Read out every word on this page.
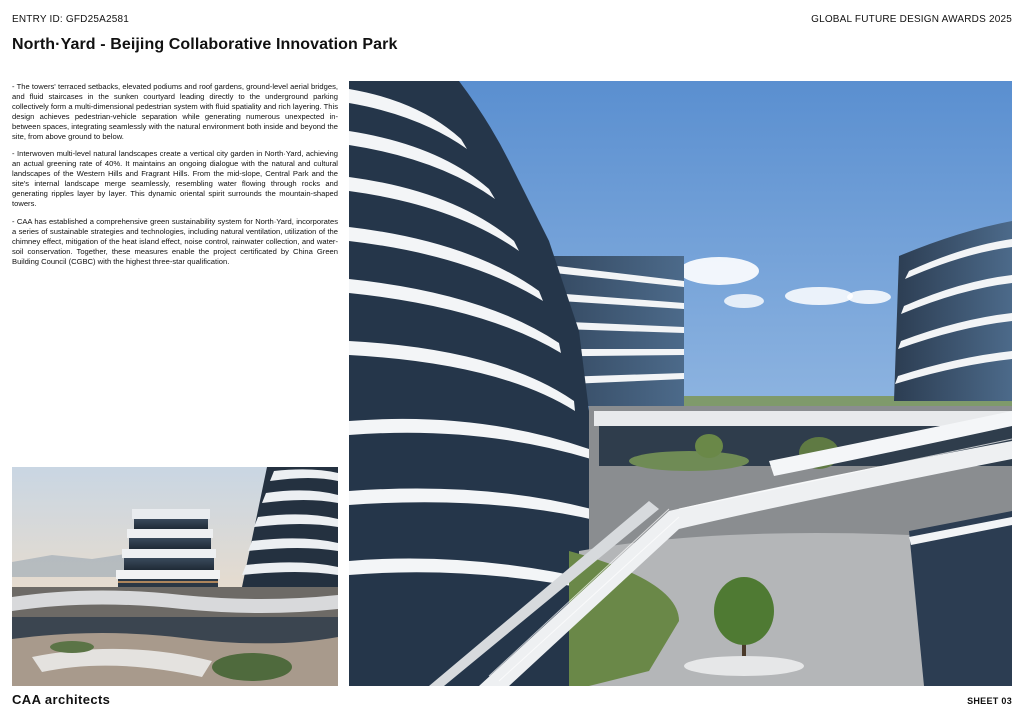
ENTRY ID: GFD25A2581	GLOBAL FUTURE DESIGN AWARDS 2025
North·Yard - Beijing Collaborative Innovation Park

- The towers' terraced setbacks, elevated podiums and roof gardens, ground-level aerial bridges, and fluid staircases in the sunken courtyard leading directly to the underground parking collectively form a multi-dimensional pedestrian system with fluid spatiality and rich layering. This design achieves pedestrian-vehicle separation while generating numerous unexpected in-between spaces, integrating seamlessly with the natural environment both inside and beyond the site, from above ground to below.

- Interwoven multi-level natural landscapes create a vertical city garden in North·Yard, achieving an actual greening rate of 40%. It maintains an ongoing dialogue with the natural and cultural landscapes of the Western Hills and Fragrant Hills. From the mid-slope, Central Park and the site's internal landscape merge seamlessly, resembling water flowing through rocks and generating ripples layer by layer. This dynamic oriental spirit surrounds the mountain-shaped towers.

- CAA has established a comprehensive green sustainability system for North·Yard, incorporates a series of sustainable strategies and technologies, including natural ventilation, utilization of the chimney effect, mitigation of the heat island effect, noise control, rainwater collection, and water-soil conservation. Together, these measures enable the project certificated by China Green Building Council (CGBC) with the highest three-star qualification.

CAA architects	SHEET 03
